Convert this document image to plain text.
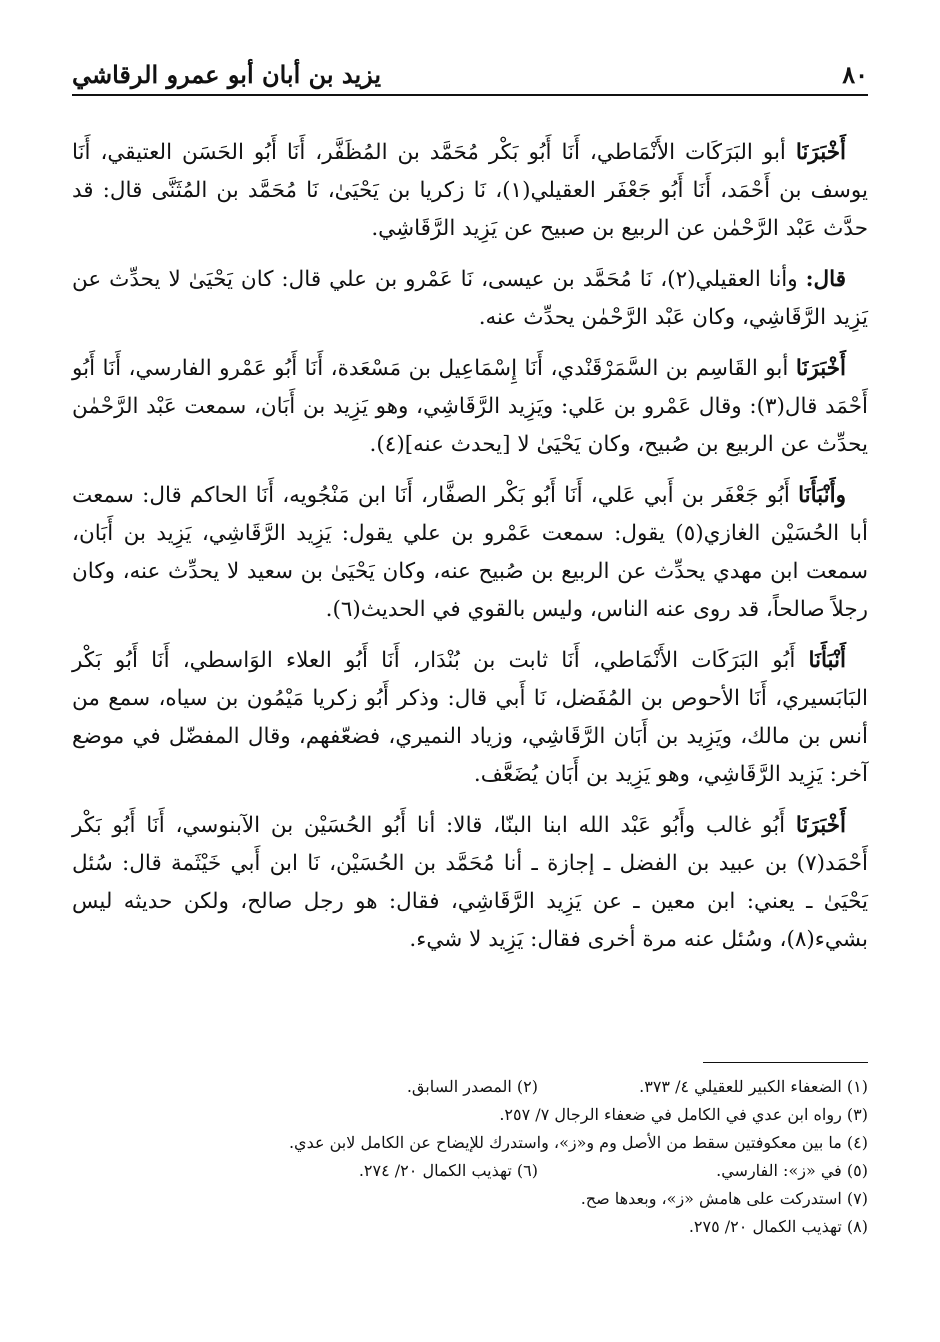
٨٠
يزيد بن أبان أبو عمرو الرقاشي

أَخْبَرَنَا أبو البَرَكَات الأَنْمَاطي، أَنَا أَبُو بَكْر مُحَمَّد بن المُظَفَّر، أَنَا أَبُو الحَسَن العتيقي، أَنَا يوسف بن أَحْمَد، أَنَا أَبُو جَعْفَر العقيلي(١)، نَا زكريا بن يَحْيَىٰ، نَا مُحَمَّد بن المُثَنَّى قال: قد حدَّث عَبْد الرَّحْمٰن عن الربيع بن صبيح عن يَزِيد الرَّقَاشِي.

قال: وأنا العقيلي(٢)، نَا مُحَمَّد بن عيسى، نَا عَمْرو بن علي قال: كان يَحْيَىٰ لا يحدِّث عن يَزِيد الرَّقَاشِي، وكان عَبْد الرَّحْمٰن يحدِّث عنه.

أَخْبَرَنَا أبو القَاسِم بن السَّمَرْقَنْدي، أَنَا إِسْمَاعِيل بن مَسْعَدة، أَنَا أَبُو عَمْرو الفارسي، أَنَا أَبُو أَحْمَد قال(٣): وقال عَمْرو بن عَلي: ويَزِيد الرَّقَاشِي، وهو يَزِيد بن أَبَان، سمعت عَبْد الرَّحْمٰن يحدِّث عن الربيع بن صُبيح، وكان يَحْيَىٰ لا [يحدث عنه](٤).

وأَنْبَأَنَا أَبُو جَعْفَر بن أَبي عَلي، أَنَا أَبُو بَكْر الصفَّار، أَنَا ابن مَنْجُويه، أَنَا الحاكم قال: سمعت أبا الحُسَيْن الغازي(٥) يقول: سمعت عَمْرو بن علي يقول: يَزِيد الرَّقَاشِي، يَزِيد بن أَبَان، سمعت ابن مهدي يحدِّث عن الربيع بن صُبيح عنه، وكان يَحْيَىٰ بن سعيد لا يحدِّث عنه، وكان رجلاً صالحاً، قد روى عنه الناس، وليس بالقوي في الحديث(٦).

أَنْبَأَنَا أَبُو البَرَكَات الأَنْمَاطي، أَنَا ثابت بن بُنْدَار، أَنَا أَبُو العلاء الوَاسطي، أَنَا أَبُو بَكْر البَابَسيري، أَنَا الأحوص بن المُفَضل، نَا أَبي قال: وذكر أَبُو زكريا مَيْمُون بن سياه، سمع من أنس بن مالك، ويَزِيد بن أَبَان الرَّقَاشِي، وزياد النميري، فضعّفهم، وقال المفضّل في موضع آخر: يَزِيد الرَّقَاشِي، وهو يَزِيد بن أَبَان يُضَعَّف.

أَخْبَرَنَا أَبُو غالب وأَبُو عَبْد الله ابنا البنّا، قالا: أنا أَبُو الحُسَيْن بن الآبنوسي، أَنَا أَبُو بَكْر أَحْمَد(٧) بن عبيد بن الفضل ـ إجازة ـ أنا مُحَمَّد بن الحُسَيْن، نَا ابن أَبي خَيْثَمة قال: سُئل يَحْيَىٰ ـ يعني: ابن معين ـ عن يَزِيد الرَّقَاشِي، فقال: هو رجل صالح، ولكن حديثه ليس بشيء(٨)، وسُئل عنه مرة أخرى فقال: يَزِيد لا شيء.

(١) الضعفاء الكبير للعقيلي ٤/ ٣٧٣.(٢) المصدر السابق.
(٣) رواه ابن عدي في الكامل في ضعفاء الرجال ٧/ ٢٥٧.
(٤) ما بين معكوفتين سقط من الأصل وم و«ز»، واستدرك للإيضاح عن الكامل لابن عدي.
(٥) في «ز»: الفارسي.(٦) تهذيب الكمال ٢٠/ ٢٧٤.
(٧) استدركت على هامش «ز»، وبعدها صح.
(٨) تهذيب الكمال ٢٠/ ٢٧٥.
